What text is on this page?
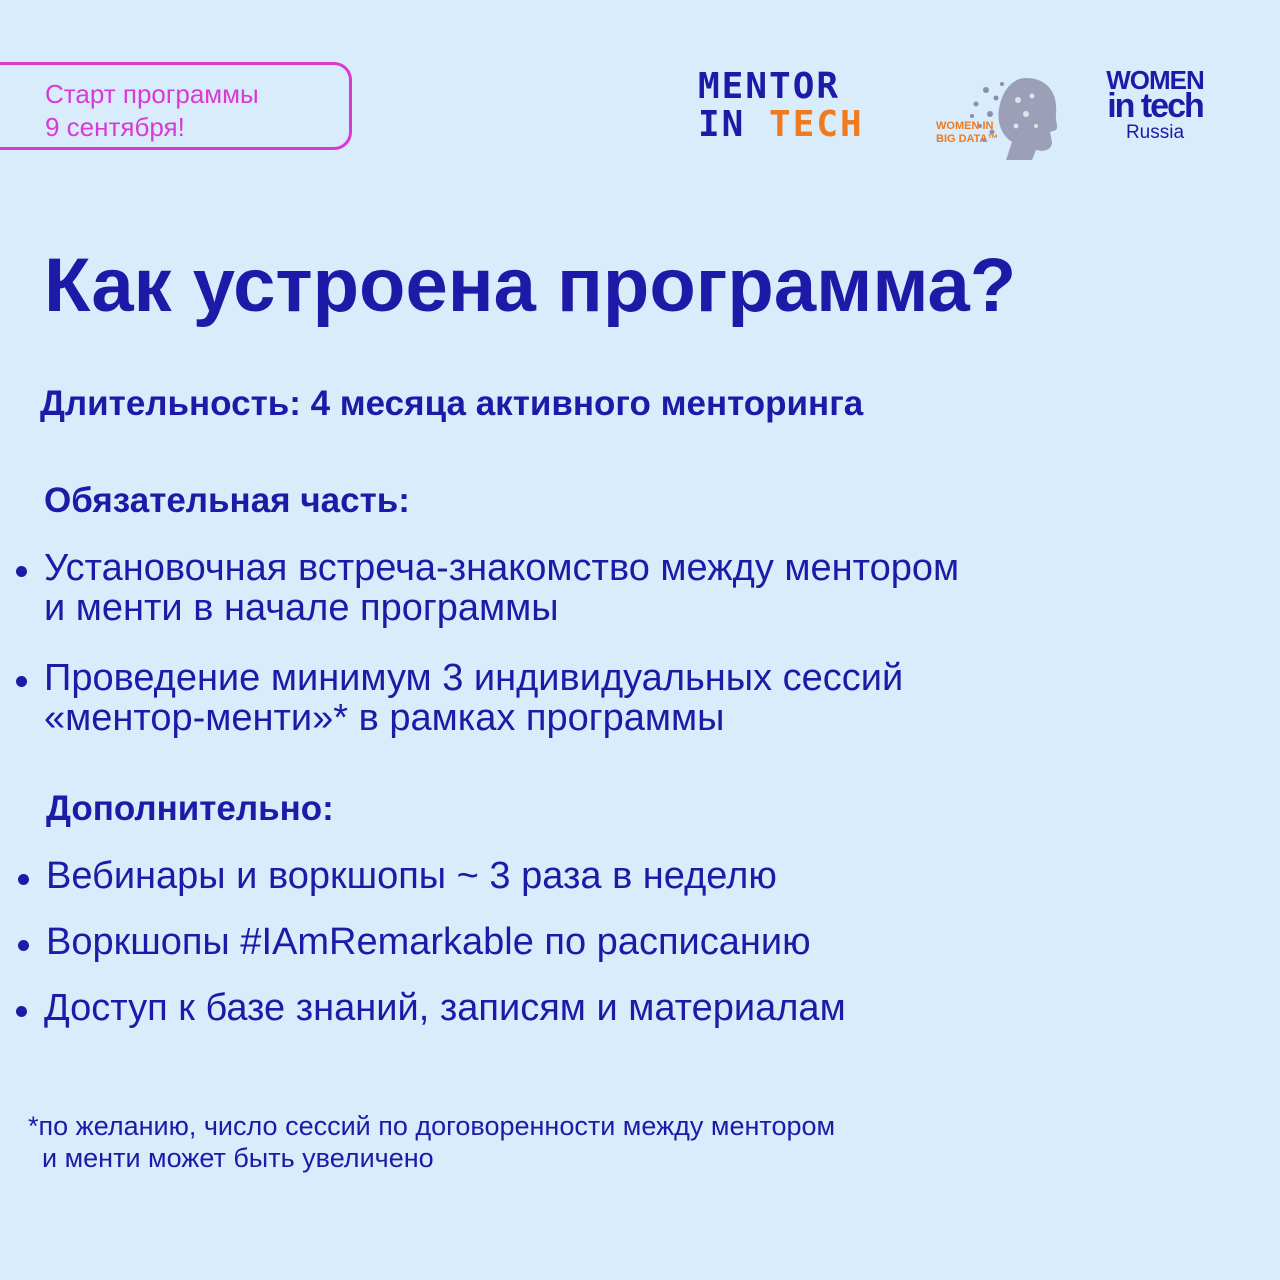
Старт программы
9 сентября!
MENTOR
IN TECH	WOMEN IN
BIG DATA™
WOMEN
in tech
Russia
Как устроена программа?
Длительность: 4 месяца активного менторинга
Обязательная часть:
Установочная встреча-знакомство между ментором
и менти в начале программы
Проведение минимум 3 индивидуальных сессий
«ментор-менти»* в рамках программы
Дополнительно:
Вебинары и воркшопы ~ 3 раза в неделю
Воркшопы #IAmRemarkable по расписанию
Доступ к базе знаний, записям и материалам
*по желанию, число сессий по договоренности между ментором
и менти может быть увеличено
